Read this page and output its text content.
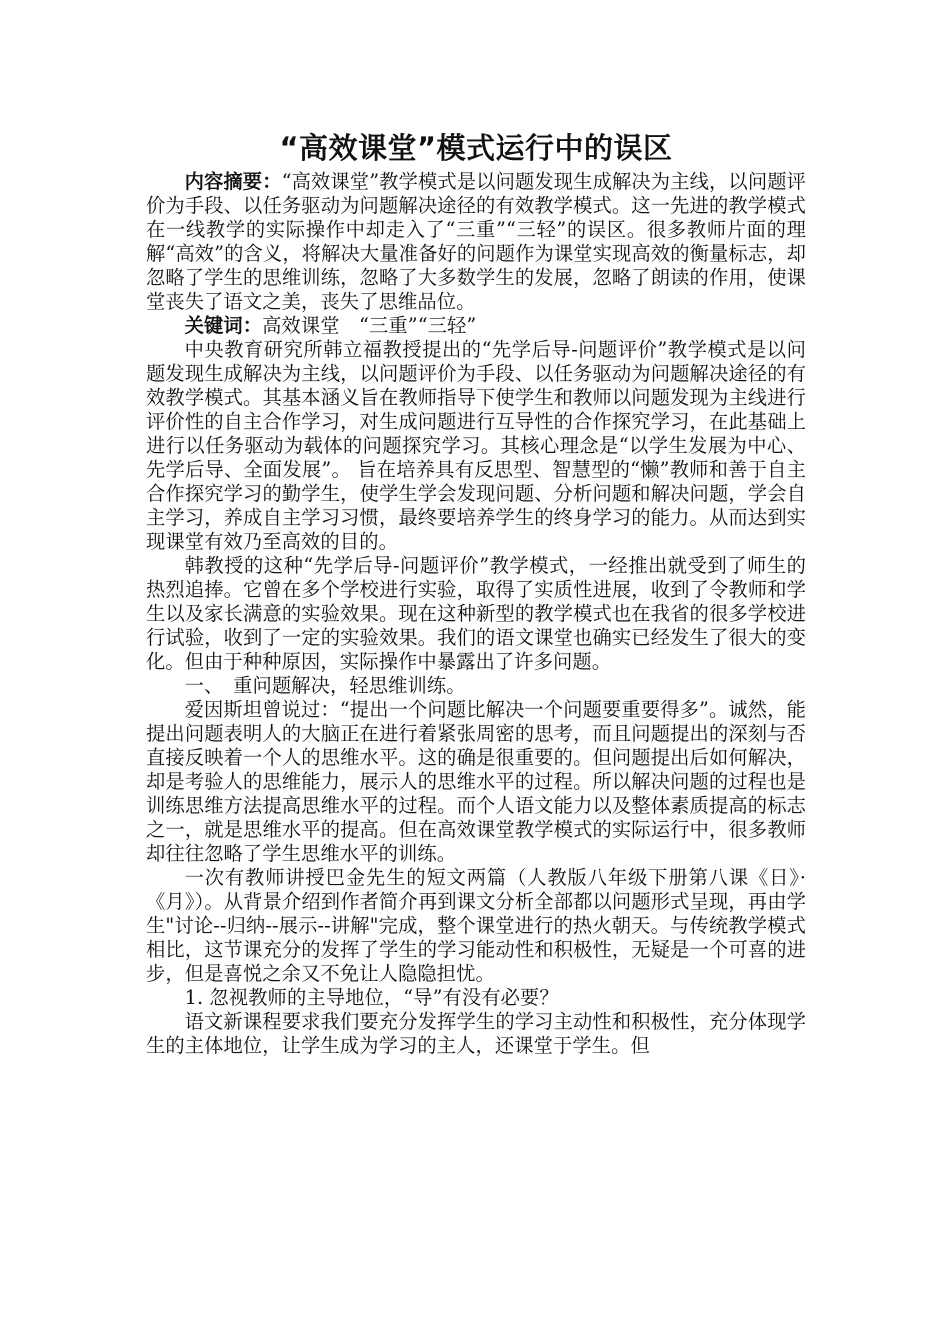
“高效课堂”模式运行中的误区

内容摘要：“高效课堂”教学模式是以问题发现生成解决为主线，以问题评价为手段、以任务驱动为问题解决途径的有效教学模式。这一先进的教学模式在一线教学的实际操作中却走入了“三重”“三轻”的误区。很多教师片面的理解“高效”的含义，将解决大量准备好的问题作为课堂实现高效的衡量标志，却忽略了学生的思维训练，忽略了大多数学生的发展，忽略了朗读的作用，使课堂丧失了语文之美，丧失了思维品位。

关键词：高效课堂　“三重”“三轻”

中央教育研究所韩立福教授提出的“先学后导-问题评价”教学模式是以问题发现生成解决为主线，以问题评价为手段、以任务驱动为问题解决途径的有效教学模式。其基本涵义旨在教师指导下使学生和教师以问题发现为主线进行评价性的自主合作学习，对生成问题进行互导性的合作探究学习，在此基础上进行以任务驱动为载体的问题探究学习。其核心理念是“以学生发展为中心、先学后导、全面发展”。 旨在培养具有反思型、智慧型的“懒”教师和善于自主合作探究学习的勤学生，使学生学会发现问题、分析问题和解决问题，学会自主学习，养成自主学习习惯，最终要培养学生的终身学习的能力。从而达到实现课堂有效乃至高效的目的。

韩教授的这种“先学后导-问题评价”教学模式，一经推出就受到了师生的热烈追捧。它曾在多个学校进行实验，取得了实质性进展，收到了令教师和学生以及家长满意的实验效果。现在这种新型的教学模式也在我省的很多学校进行试验，收到了一定的实验效果。我们的语文课堂也确实已经发生了很大的变化。但由于种种原因，实际操作中暴露出了许多问题。

一、　重问题解决，轻思维训练。

爱因斯坦曾说过：“提出一个问题比解决一个问题要重要得多”。诚然，能提出问题表明人的大脑正在进行着紧张周密的思考，而且问题提出的深刻与否直接反映着一个人的思维水平。这的确是很重要的。但问题提出后如何解决，却是考验人的思维能力，展示人的思维水平的过程。所以解决问题的过程也是训练思维方法提高思维水平的过程。而个人语文能力以及整体素质提高的标志之一，就是思维水平的提高。但在高效课堂教学模式的实际运行中，很多教师却往往忽略了学生思维水平的训练。

一次有教师讲授巴金先生的短文两篇（人教版八年级下册第八课《日》·《月》）。从背景介绍到作者简介再到课文分析全部都以问题形式呈现，再由学生"讨论--归纳--展示--讲解"完成，整个课堂进行的热火朝天。与传统教学模式相比，这节课充分的发挥了学生的学习能动性和积极性，无疑是一个可喜的进步，但是喜悦之余又不免让人隐隐担忧。

1. 忽视教师的主导地位，“导”有没有必要？

语文新课程要求我们要充分发挥学生的学习主动性和积极性，充分体现学生的主体地位，让学生成为学习的主人，还课堂于学生。但
